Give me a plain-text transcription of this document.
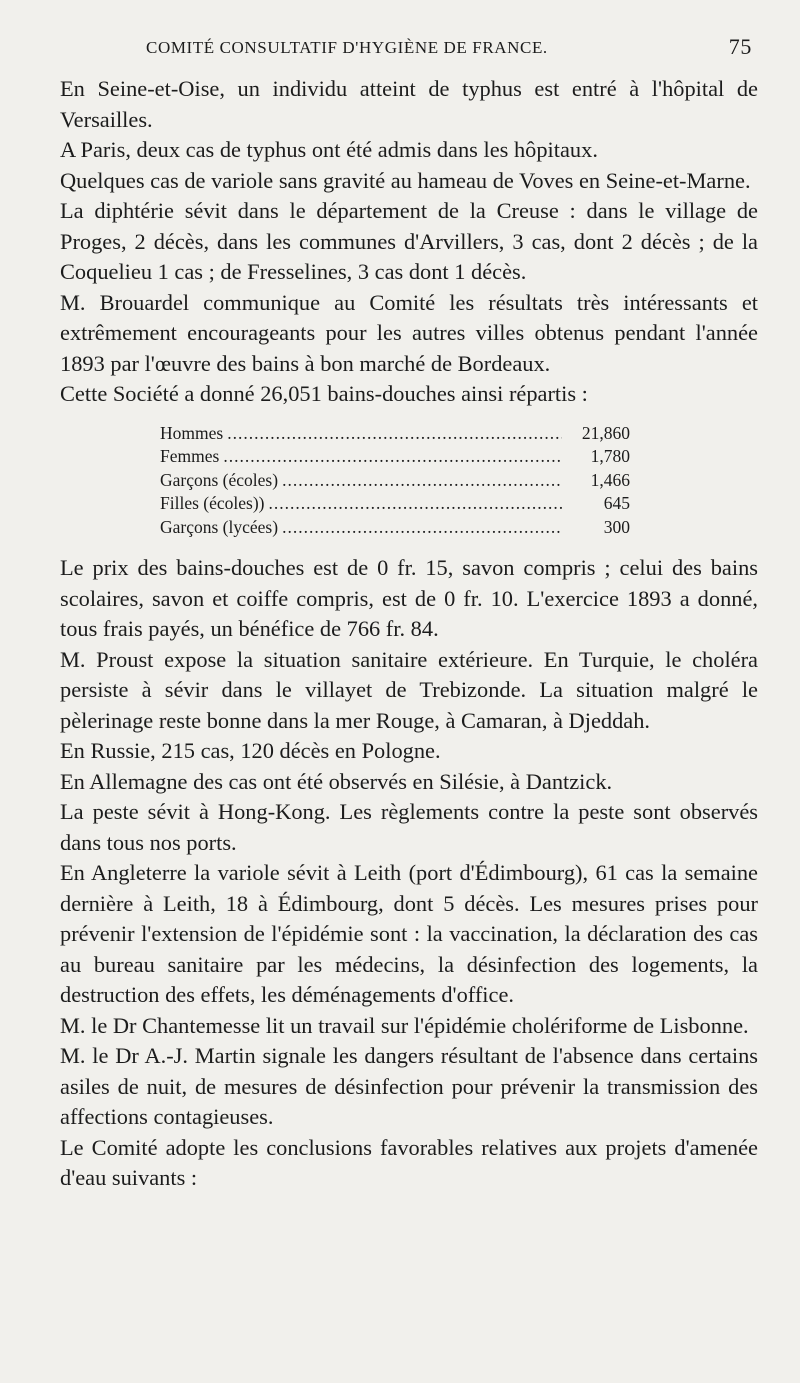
COMITÉ CONSULTATIF D'HYGIÈNE DE FRANCE.	75

En Seine-et-Oise, un individu atteint de typhus est entré à l'hôpital de Versailles.

A Paris, deux cas de typhus ont été admis dans les hôpitaux.

Quelques cas de variole sans gravité au hameau de Voves en Seine-et-Marne.

La diphtérie sévit dans le département de la Creuse : dans le village de Proges, 2 décès, dans les communes d'Arvillers, 3 cas, dont 2 décès ; de la Coquelieu 1 cas ; de Fresselines, 3 cas dont 1 décès.

M. Brouardel communique au Comité les résultats très intéressants et extrêmement encourageants pour les autres villes obtenus pendant l'année 1893 par l'œuvre des bains à bon marché de Bordeaux.

Cette Société a donné 26,051 bains-douches ainsi répartis :

Hommes .....	21,860
Femmes .....	1,780
Garçons (écoles) .....	1,466
Filles (écoles)) .....	645
Garçons (lycées) .....	300

Le prix des bains-douches est de 0 fr. 15, savon compris ; celui des bains scolaires, savon et coiffe compris, est de 0 fr. 10. L'exercice 1893 a donné, tous frais payés, un bénéfice de 766 fr. 84.

M. Proust expose la situation sanitaire extérieure. En Turquie, le choléra persiste à sévir dans le villayet de Trebizonde. La situation malgré le pèlerinage reste bonne dans la mer Rouge, à Camaran, à Djeddah.

En Russie, 215 cas, 120 décès en Pologne.

En Allemagne des cas ont été observés en Silésie, à Dantzick.

La peste sévit à Hong-Kong. Les règlements contre la peste sont observés dans tous nos ports.

En Angleterre la variole sévit à Leith (port d'Édimbourg), 61 cas la semaine dernière à Leith, 18 à Édimbourg, dont 5 décès. Les mesures prises pour prévenir l'extension de l'épidémie sont : la vaccination, la déclaration des cas au bureau sanitaire par les médecins, la désinfection des logements, la destruction des effets, les déménagements d'office.

M. le Dr Chantemesse lit un travail sur l'épidémie cholériforme de Lisbonne.

M. le Dr A.-J. Martin signale les dangers résultant de l'absence dans certains asiles de nuit, de mesures de désinfection pour prévenir la transmission des affections contagieuses.

Le Comité adopte les conclusions favorables relatives aux projets d'amenée d'eau suivants :
